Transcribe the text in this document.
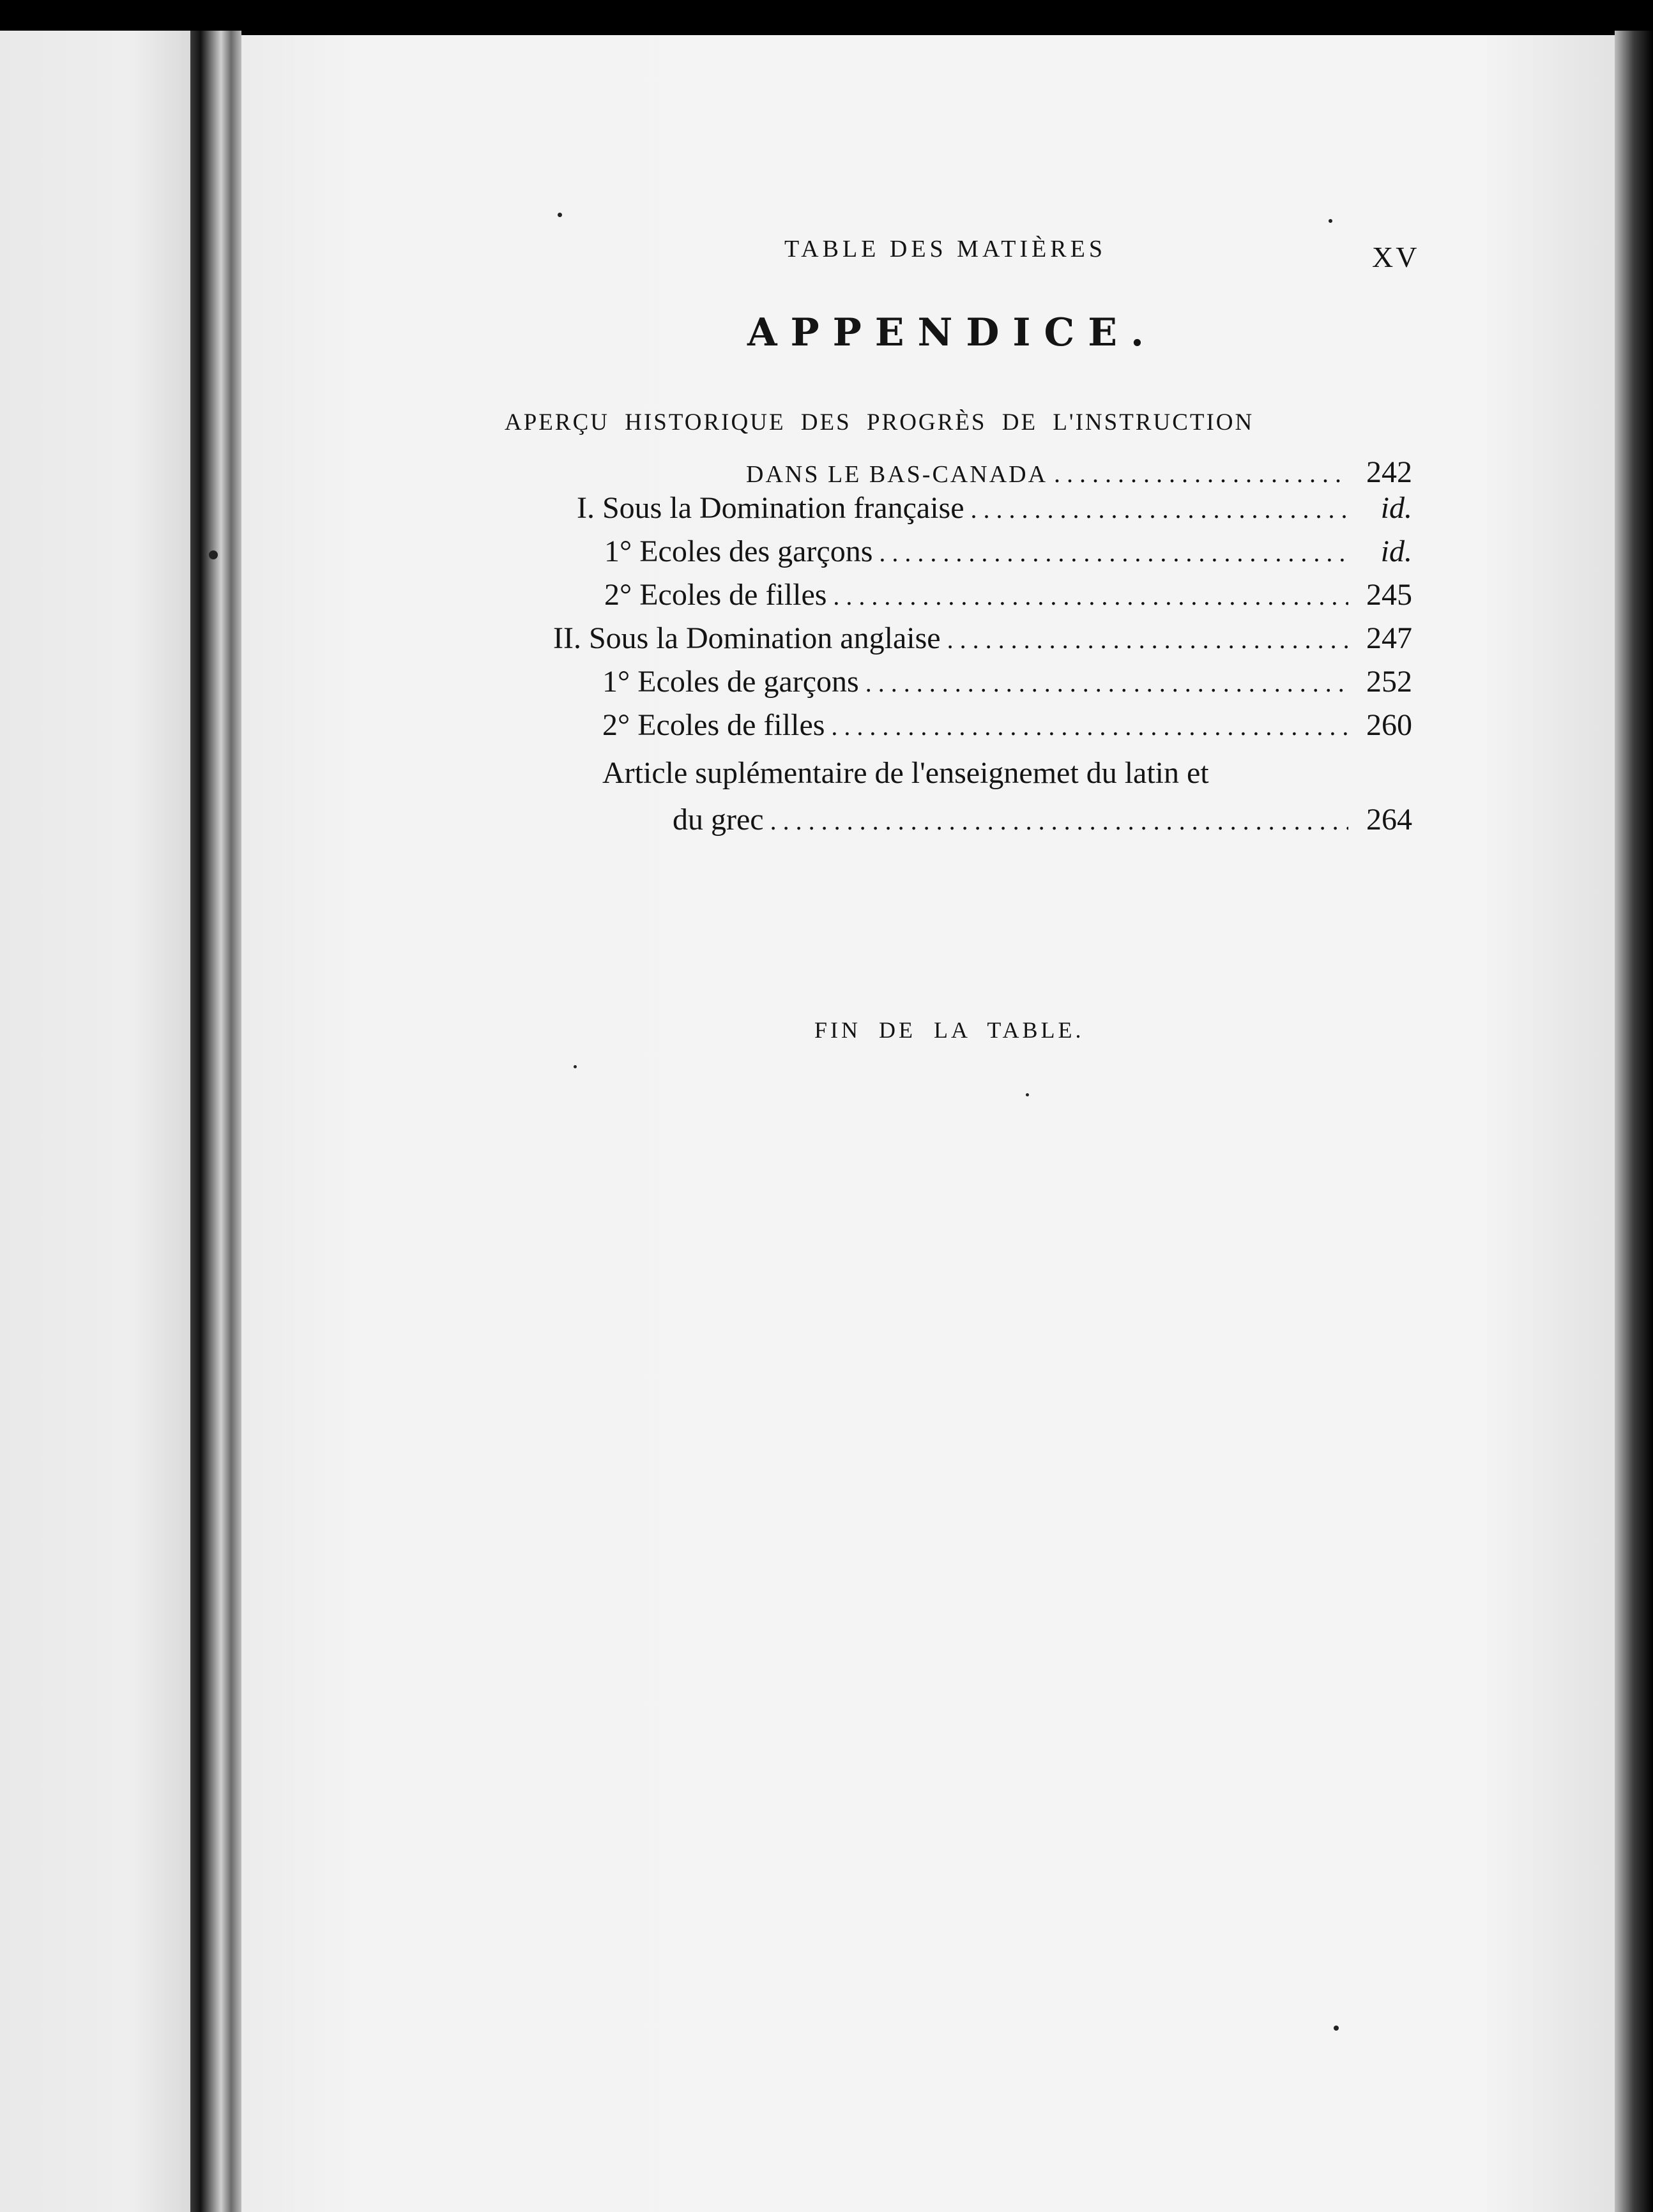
TABLE DES MATIÈRES	XV
APPENDICE.
APERÇU HISTORIQUE DES PROGRÈS DE L'INSTRUCTION
DANS LE BAS-CANADA . . .	242
I. Sous la Domination française . . .	id.
1° Ecoles des garçons . . .	id.
2° Ecoles de filles . . .	245
II. Sous la Domination anglaise . . .	247
1° Ecoles de garçons . . .	252
2° Ecoles de filles . . .	260
Article suplémentaire de l'enseignemet du latin et
du grec . . .	264
FIN DE LA TABLE.
